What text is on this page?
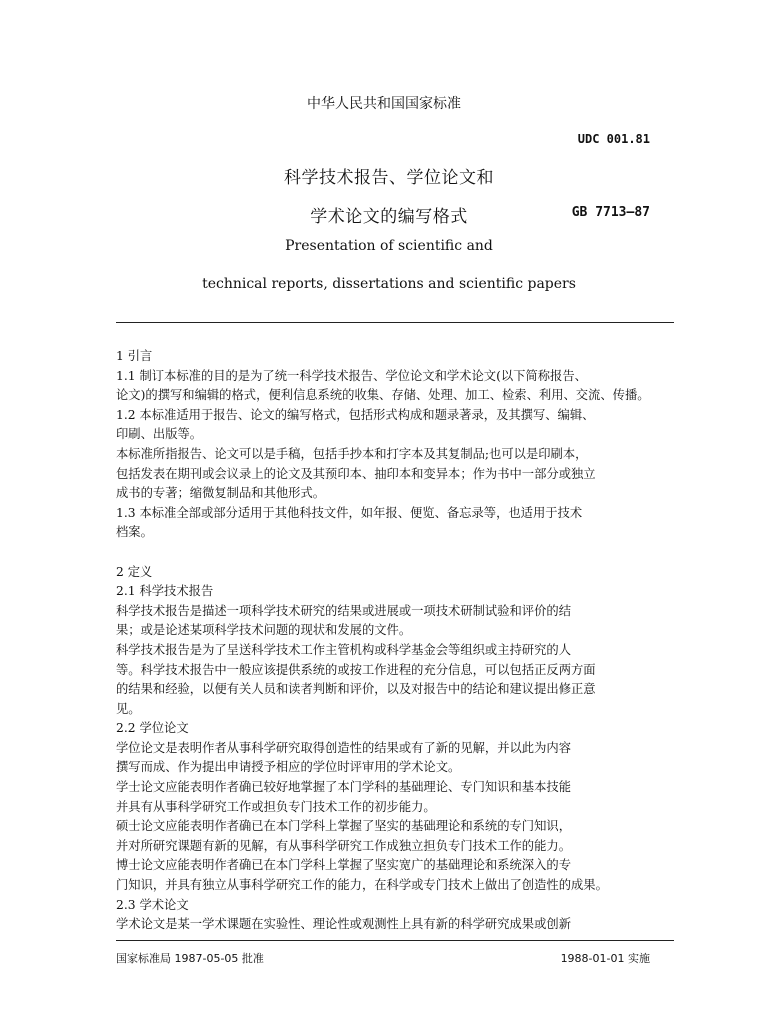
中华人民共和国国家标准
UDC 001.81
科学技术报告、学位论文和
学术论文的编写格式	GB 7713—87
Presentation of scientific and
technical reports, dissertations and scientific papers
1 引言
1.1 制订本标准的目的是为了统一科学技术报告、学位论文和学术论文(以下简称报告、
论文)的撰写和编辑的格式，便利信息系统的收集、存储、处理、加工、检索、利用、交流、传播。
1.2 本标准适用于报告、论文的编写格式，包括形式构成和题录著录，及其撰写、编辑、
印刷、出版等。
本标准所指报告、论文可以是手稿，包括手抄本和打字本及其复制品;也可以是印刷本，
包括发表在期刊或会议录上的论文及其预印本、抽印本和变异本；作为书中一部分或独立
成书的专著；缩微复制品和其他形式。
1.3 本标准全部或部分适用于其他科技文件，如年报、便览、备忘录等，也适用于技术
档案。
2 定义
2.1 科学技术报告
科学技术报告是描述一项科学技术研究的结果或进展或一项技术研制试验和评价的结
果；或是论述某项科学技术问题的现状和发展的文件。
科学技术报告是为了呈送科学技术工作主管机构或科学基金会等组织或主持研究的人
等。科学技术报告中一般应该提供系统的或按工作进程的充分信息，可以包括正反两方面
的结果和经验，以便有关人员和读者判断和评价，以及对报告中的结论和建议提出修正意
见。
2.2 学位论文
学位论文是表明作者从事科学研究取得创造性的结果或有了新的见解，并以此为内容
撰写而成、作为提出申请授予相应的学位时评审用的学术论文。
学士论文应能表明作者确已较好地掌握了本门学科的基础理论、专门知识和基本技能
并具有从事科学研究工作或担负专门技术工作的初步能力。
硕士论文应能表明作者确已在本门学科上掌握了坚实的基础理论和系统的专门知识，
并对所研究课题有新的见解，有从事科学研究工作成独立担负专门技术工作的能力。
博士论文应能表明作者确已在本门学科上掌握了坚实宽广的基础理论和系统深入的专
门知识，并具有独立从事科学研究工作的能力，在科学或专门技术上做出了创造性的成果。
2.3 学术论文
学术论文是某一学术课题在实验性、理论性或观测性上具有新的科学研究成果或创新
国家标准局 1987-05-05 批准	1988-01-01 实施
